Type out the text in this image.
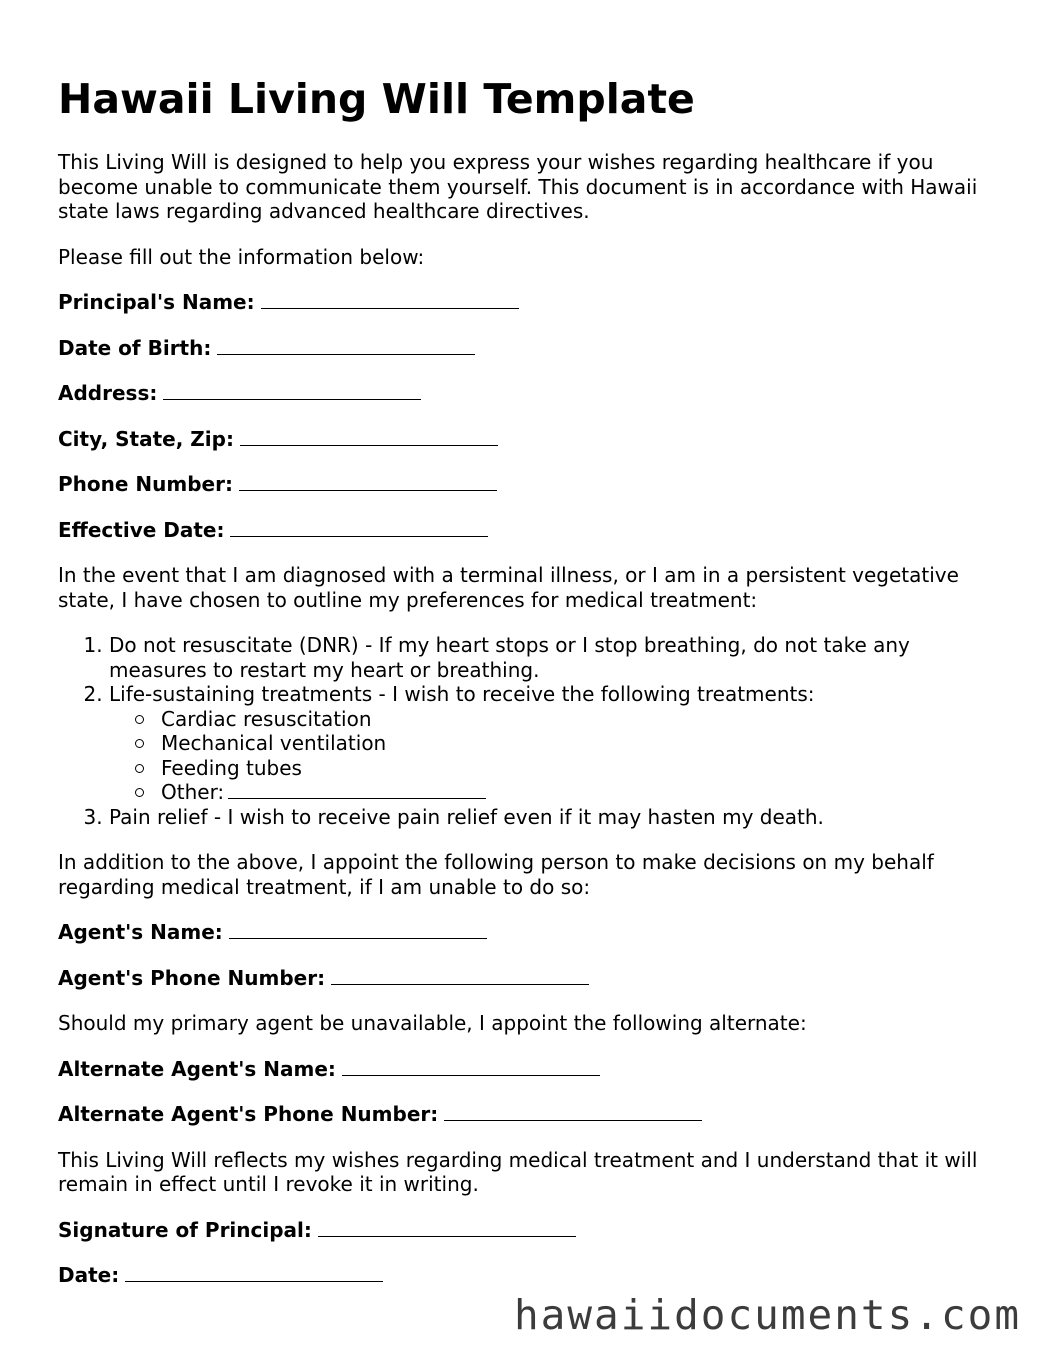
Hawaii Living Will Template

This Living Will is designed to help you express your wishes regarding healthcare if you become unable to communicate them yourself. This document is in accordance with Hawaii state laws regarding advanced healthcare directives.

Please fill out the information below:

Principal's Name:
Date of Birth:
Address:
City, State, Zip:
Phone Number:
Effective Date:

In the event that I am diagnosed with a terminal illness, or I am in a persistent vegetative state, I have chosen to outline my preferences for medical treatment:

1. Do not resuscitate (DNR) - If my heart stops or I stop breathing, do not take any measures to restart my heart or breathing.
2. Life-sustaining treatments - I wish to receive the following treatments:
Cardiac resuscitation
Mechanical ventilation
Feeding tubes
Other:
3. Pain relief - I wish to receive pain relief even if it may hasten my death.

In addition to the above, I appoint the following person to make decisions on my behalf regarding medical treatment, if I am unable to do so:

Agent's Name:
Agent's Phone Number:

Should my primary agent be unavailable, I appoint the following alternate:

Alternate Agent's Name:
Alternate Agent's Phone Number:

This Living Will reflects my wishes regarding medical treatment and I understand that it will remain in effect until I revoke it in writing.

Signature of Principal:
Date:
hawaiidocuments.com
